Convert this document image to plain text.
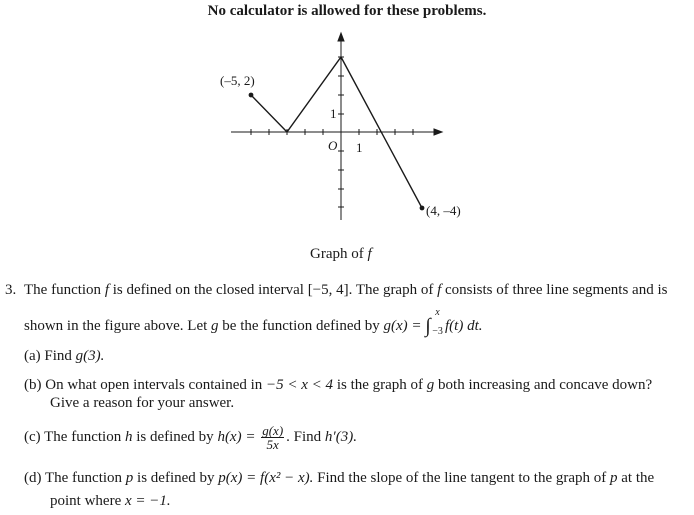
No calculator is allowed for these problems.
(–5, 2)
(4, –4)
1
O 1
Graph of f
3. The function f is defined on the closed interval [−5, 4]. The graph of f consists of three line segments and is
shown in the figure above. Let g be the function defined by g(x) = ∫
x
−3 f(t) dt.
(a) Find g(3).
(b) On what open intervals contained in −5 < x < 4 is the graph of g both increasing and concave down?
Give a reason for your answer.
(c) The function h is defined by $h(x) = \frac{g(x)}{5x}$ . Find h′(3).
(d) The function p is defined by p(x) = f(x² − x). Find the slope of the line tangent to the graph of p at the
point where x = −1.
